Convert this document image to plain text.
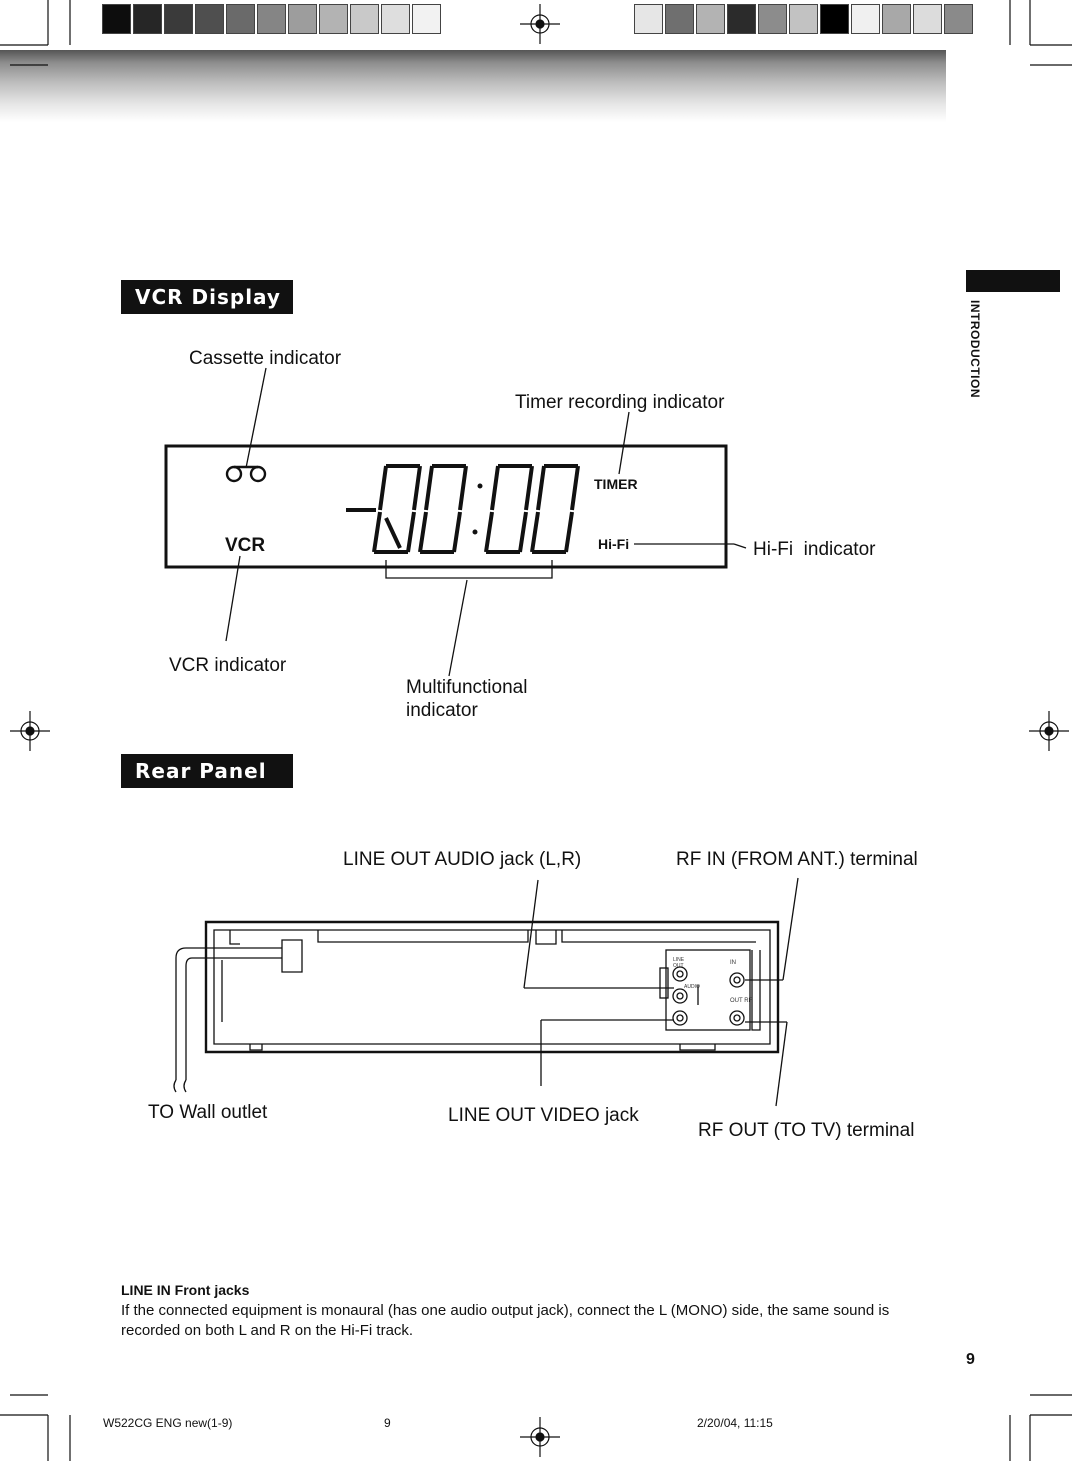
INTRODUCTION
LINE
OUT	IN
AUDIO
OUT RF
VCR Display
Cassette indicator
Timer recording indicator
TIMER
VCR	Hi-Fi	Hi-Fi  indicator
VCR indicator
Multifunctional
indicator
Rear Panel
LINE OUT AUDIO jack (L,R)	RF IN (FROM ANT.) terminal
TO Wall outlet	LINE OUT VIDEO jack
RF OUT (TO TV) terminal
LINE IN Front jacks
If the connected equipment is monaural (has one audio output jack), connect the L (MONO) side, the same sound is recorded on both L and R on the Hi-Fi track.
9
W522CG ENG new(1-9)	9	2/20/04, 11:15
